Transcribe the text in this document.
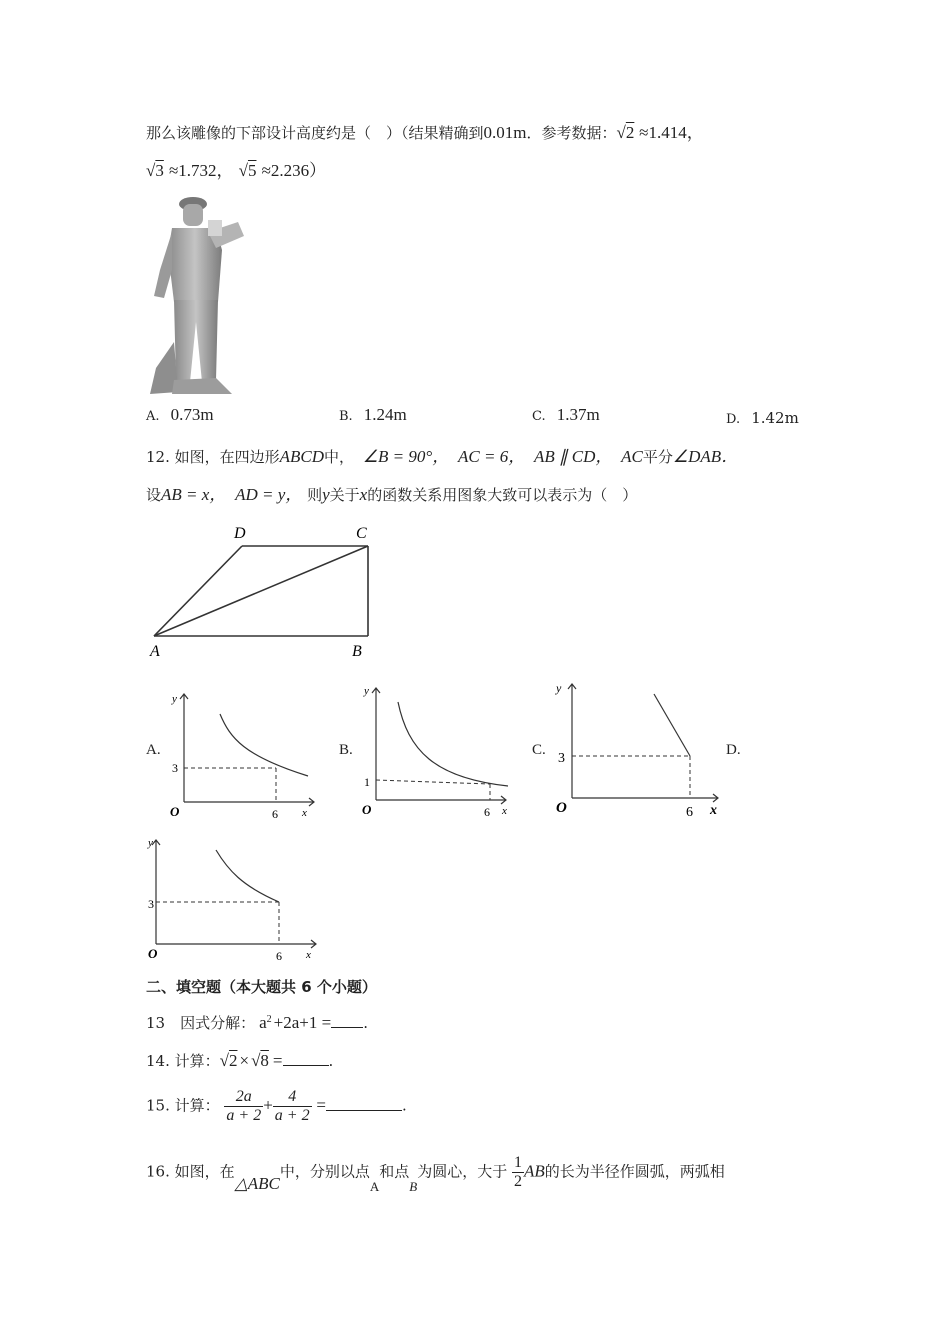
那么该雕像的下部设计高度约是（　）（结果精确到0.01m．参考数据：√2 ≈1.414，
√3 ≈1.732， √5 ≈2.236）
A. 0.73m	B. 1.24m	C. 1.37m	D. 1.42m
12. 如图，在四边形ABCD中， ∠B = 90°， AC = 6， AB ∥ CD， AC平分∠DAB．
设AB = x， AD = y， 则y关于x的函数关系用图象大致可以表示为（　）
D	C
A	B
A.	B.	C.	D.
y
3
O	6 x
y
1
O	6 x
y
3
O	6 x
y
3
O	6 x
二、填空题（本大题共 6 个小题）
13　因式分解： $a^2 +2a+1$ = .
14. 计算：√2 × √8 =	.
15. 计算： $\frac{2a}{a + 2} + \frac{4}{a + 2}$ =	.
16. 如图，在△ABC中，分别以点A和点B为圆心，大于 $\frac{1}{2}$ AB的长为半径作圆弧，两弧相
